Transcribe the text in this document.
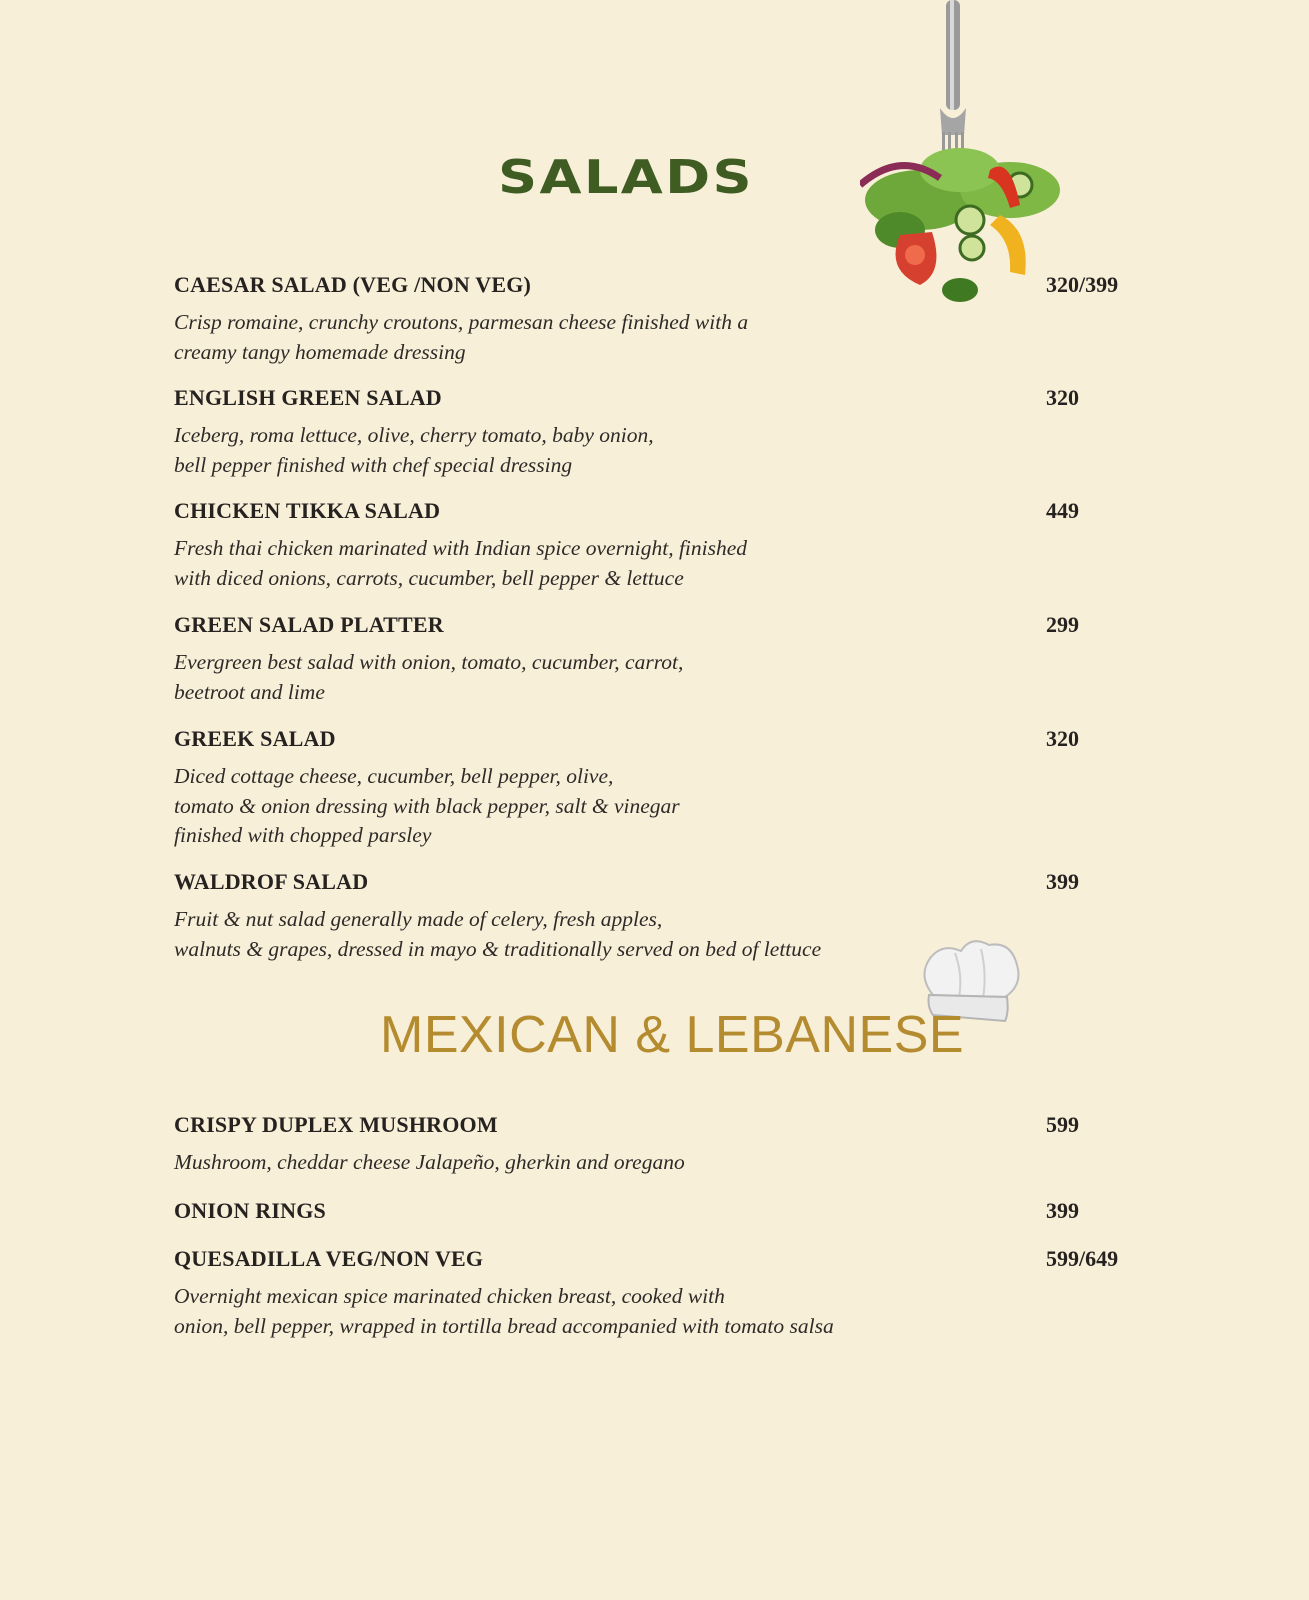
SALADS
CAESAR SALAD (VEG /NON VEG)	320/399
Crisp romaine, crunchy croutons, parmesan cheese finished with a
creamy tangy homemade dressing
ENGLISH GREEN SALAD	320
Iceberg, roma lettuce, olive, cherry tomato, baby onion,
bell pepper finished with chef special dressing
CHICKEN TIKKA SALAD	449
Fresh thai chicken marinated with Indian spice overnight, finished
with diced onions, carrots, cucumber, bell pepper & lettuce
GREEN SALAD PLATTER	299
Evergreen best salad with onion, tomato, cucumber, carrot,
beetroot and lime
GREEK SALAD	320
Diced cottage cheese, cucumber, bell pepper, olive,
tomato & onion dressing with black pepper, salt & vinegar
finished with chopped parsley
WALDROF SALAD	399
Fruit & nut salad generally made of celery, fresh apples,
walnuts & grapes, dressed in mayo & traditionally served on bed of lettuce
MEXICAN & LEBANESE
CRISPY DUPLEX MUSHROOM	599
Mushroom, cheddar cheese Jalapeño, gherkin and oregano
ONION RINGS	399
QUESADILLA VEG/NON VEG	599/649
Overnight mexican spice marinated chicken breast, cooked with
onion, bell pepper, wrapped in tortilla bread accompanied with tomato salsa
